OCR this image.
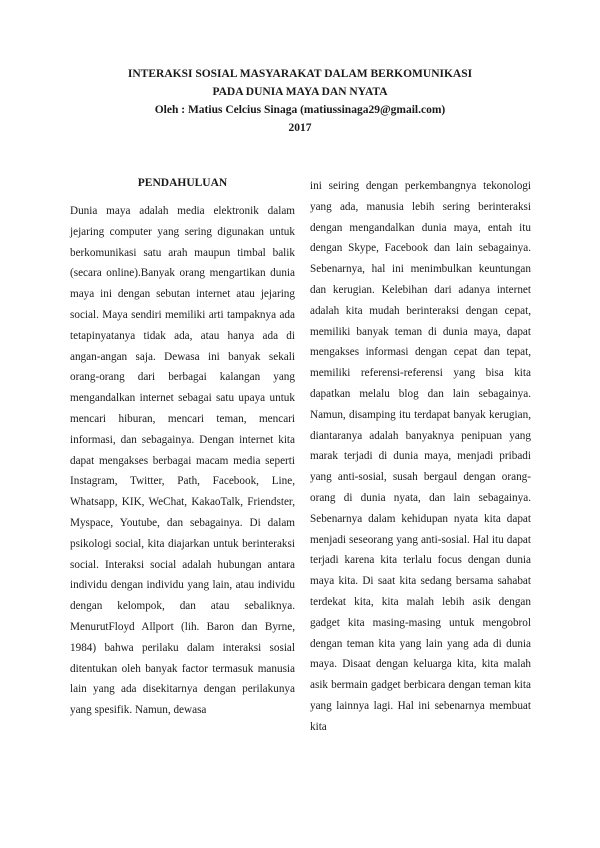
INTERAKSI SOSIAL MASYARAKAT DALAM BERKOMUNIKASI
PADA DUNIA MAYA DAN NYATA
Oleh : Matius Celcius Sinaga (matiussinaga29@gmail.com)
2017
PENDAHULUAN

Dunia maya adalah media elektronik dalam jejaring computer yang sering digunakan untuk berkomunikasi satu arah maupun timbal balik (secara online).Banyak orang mengartikan dunia maya ini dengan sebutan internet atau jejaring social. Maya sendiri memiliki arti tampaknya ada tetapinyatanya tidak ada, atau hanya ada di angan-angan saja. Dewasa ini banyak sekali orang-orang dari berbagai kalangan yang mengandalkan internet sebagai satu upaya untuk mencari hiburan, mencari teman, mencari informasi, dan sebagainya. Dengan internet kita dapat mengakses berbagai macam media seperti Instagram, Twitter, Path, Facebook, Line, Whatsapp, KIK, WeChat, KakaoTalk, Friendster, Myspace, Youtube, dan sebagainya. Di dalam psikologi social, kita diajarkan untuk berinteraksi social. Interaksi social adalah hubungan antara individu dengan individu yang lain, atau individu dengan kelompok, dan atau sebaliknya. MenurutFloyd Allport (lih. Baron dan Byrne, 1984) bahwa perilaku dalam interaksi sosial ditentukan oleh banyak factor termasuk manusia lain yang ada disekitarnya dengan perilakunya yang spesifik. Namun, dewasa

ini seiring dengan perkembangnya tekonologi yang ada, manusia lebih sering berinteraksi dengan mengandalkan dunia maya, entah itu dengan Skype, Facebook dan lain sebagainya. Sebenarnya, hal ini menimbulkan keuntungan dan kerugian. Kelebihan dari adanya internet adalah kita mudah berinteraksi dengan cepat, memiliki banyak teman di dunia maya, dapat mengakses informasi dengan cepat dan tepat, memiliki referensi-referensi yang bisa kita dapatkan melalu blog dan lain sebagainya. Namun, disamping itu terdapat banyak kerugian, diantaranya adalah banyaknya penipuan yang marak terjadi di dunia maya, menjadi pribadi yang anti-sosial, susah bergaul dengan orang-orang di dunia nyata, dan lain sebagainya. Sebenarnya dalam kehidupan nyata kita dapat menjadi seseorang yang anti-sosial. Hal itu dapat terjadi karena kita terlalu focus dengan dunia maya kita. Di saat kita sedang bersama sahabat terdekat kita, kita malah lebih asik dengan gadget kita masing-masing untuk mengobrol dengan teman kita yang lain yang ada di dunia maya. Disaat dengan keluarga kita, kita malah asik bermain gadget berbicara dengan teman kita yang lainnya lagi. Hal ini sebenarnya membuat kita
